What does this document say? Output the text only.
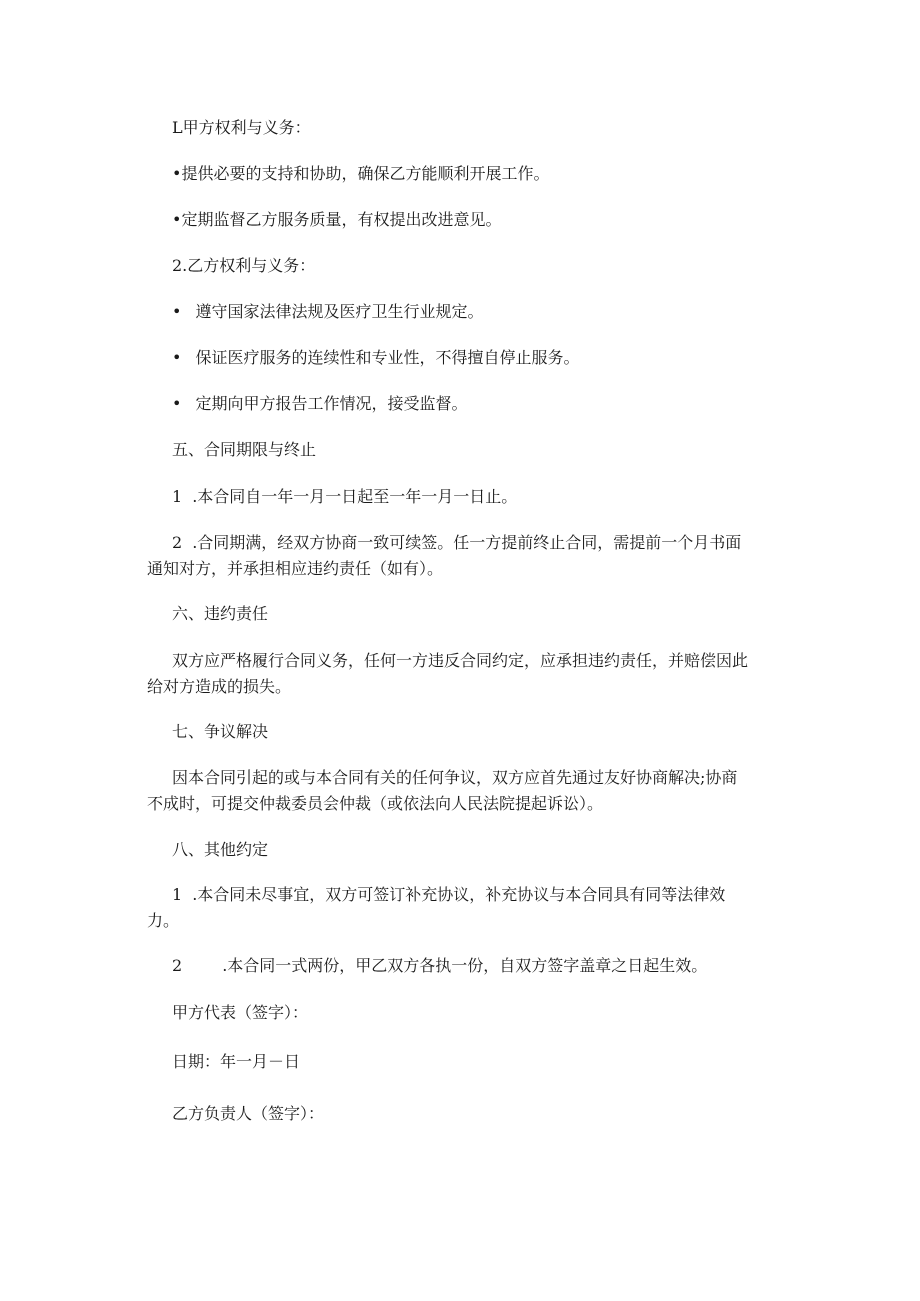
L甲方权利与义务：

•提供必要的支持和协助，确保乙方能顺利开展工作。

•定期监督乙方服务质量，有权提出改进意见。

2.乙方权利与义务：

• 遵守国家法律法规及医疗卫生行业规定。

• 保证医疗服务的连续性和专业性，不得擅自停止服务。

• 定期向甲方报告工作情况，接受监督。

五、合同期限与终止

1 .本合同自一年一月一日起至一年一月一日止。

2 .合同期满，经双方协商一致可续签。任一方提前终止合同，需提前一个月书面

通知对方，并承担相应违约责任（如有）。

六、违约责任

双方应严格履行合同义务，任何一方违反合同约定，应承担违约责任，并赔偿因此

给对方造成的损失。

七、争议解决

因本合同引起的或与本合同有关的任何争议，双方应首先通过友好协商解决;协商

不成时，可提交仲裁委员会仲裁（或依法向人民法院提起诉讼）。

八、其他约定

1 .本合同未尽事宜，双方可签订补充协议，补充协议与本合同具有同等法律效

力。

2	.本合同一式两份，甲乙双方各执一份，自双方签字盖章之日起生效。

甲方代表（签字）：

日期：年一月－日

乙方负责人（签字）：
